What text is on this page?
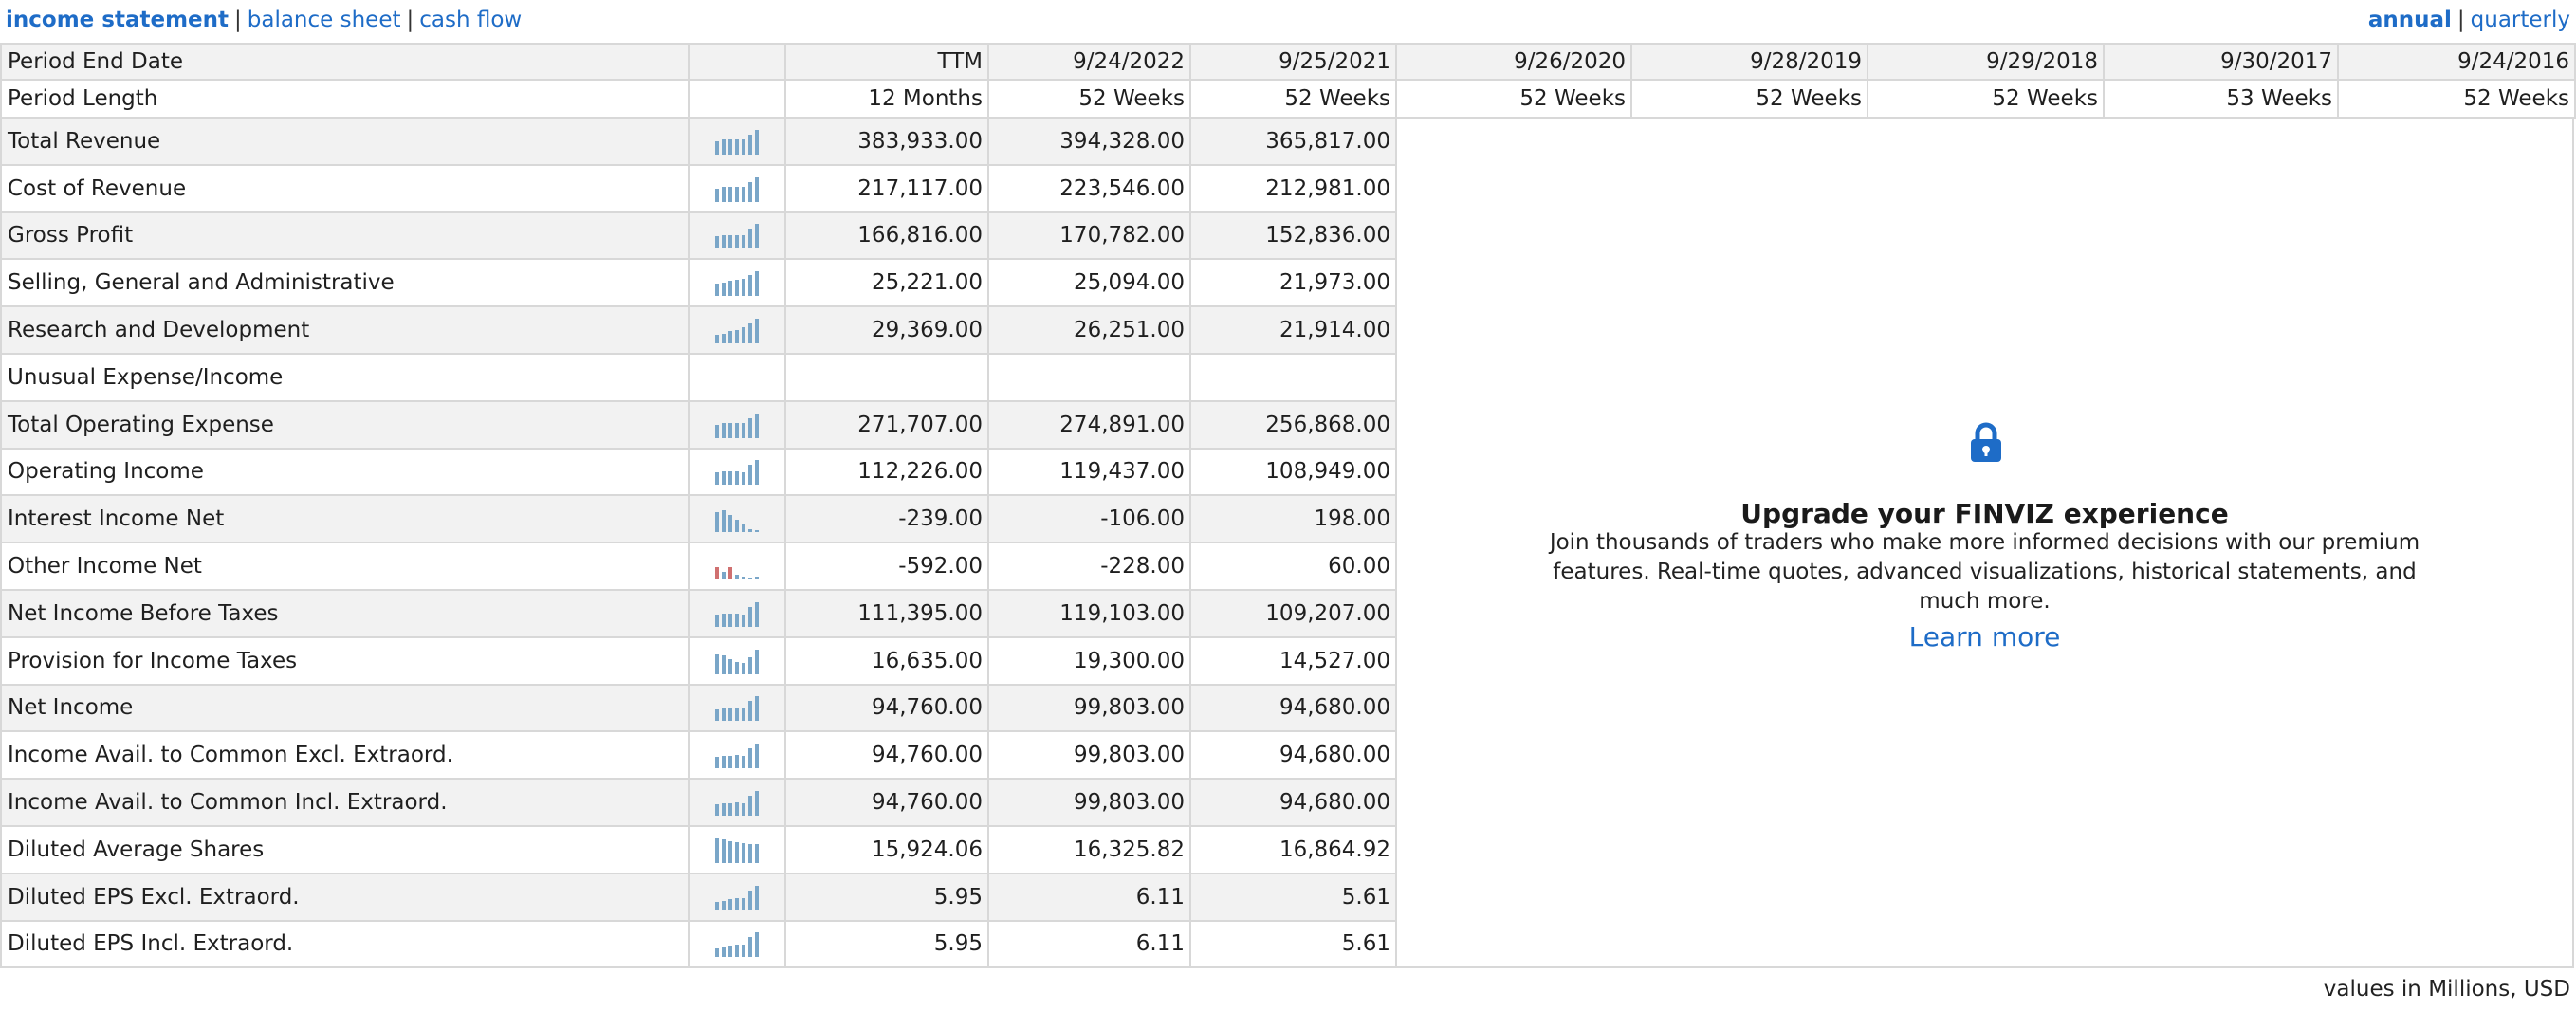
income statement | balance sheet | cash flow	annual | quarterly
Period End Date	TTM	9/24/2022	9/25/2021	9/26/2020	9/28/2019	9/29/2018	9/30/2017	9/24/2016
Period Length	12 Months	52 Weeks	52 Weeks	52 Weeks	52 Weeks	52 Weeks	53 Weeks	52 Weeks
Total Revenue	383,933.00	394,328.00	365,817.00
Cost of Revenue	217,117.00	223,546.00	212,981.00
Gross Profit	166,816.00	170,782.00	152,836.00
Selling, General and Administrative	25,221.00	25,094.00	21,973.00
Research and Development	29,369.00	26,251.00	21,914.00
Unusual Expense/Income
Total Operating Expense	271,707.00	274,891.00	256,868.00
Operating Income	112,226.00	119,437.00	108,949.00
Interest Income Net	-239.00	-106.00	198.00
Other Income Net	-592.00	-228.00	60.00
Net Income Before Taxes	111,395.00	119,103.00	109,207.00
Provision for Income Taxes	16,635.00	19,300.00	14,527.00
Net Income	94,760.00	99,803.00	94,680.00
Income Avail. to Common Excl. Extraord.	94,760.00	99,803.00	94,680.00
Income Avail. to Common Incl. Extraord.	94,760.00	99,803.00	94,680.00
Diluted Average Shares	15,924.06	16,325.82	16,864.92
Diluted EPS Excl. Extraord.	5.95	6.11	5.61
Diluted EPS Incl. Extraord.	5.95	6.11	5.61
Upgrade your FINVIZ experience
Join thousands of traders who make more informed decisions with our premium features. Real-time quotes, advanced visualizations, historical statements, and much more.
Learn more
values in Millions, USD
